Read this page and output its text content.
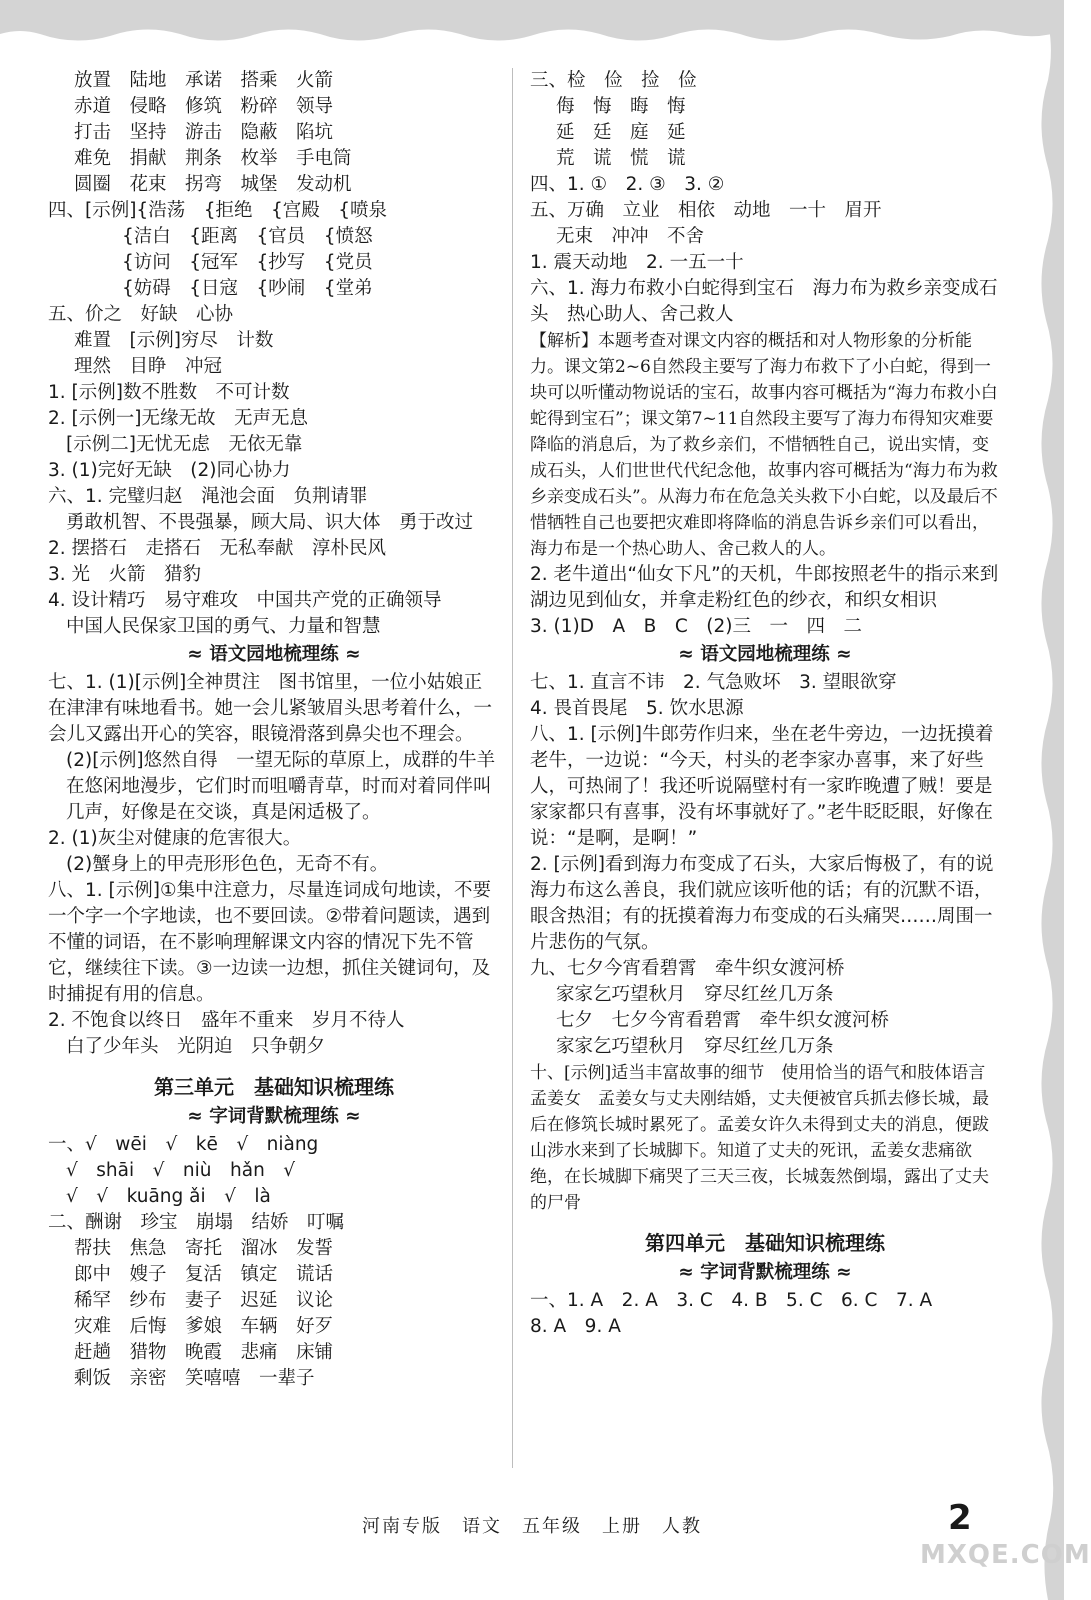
放置　陆地　承诺　搭乘　火箭
赤道　侵略　修筑　粉碎　领导
打击　坚持　游击　隐蔽　陷坑
难免　捐献　荆条　枚举　手电筒
圆圈　花束　拐弯　城堡　发动机
四、[示例]{浩荡　{拒绝　{宫殿　{喷泉
　　　　{洁白　{距离　{官员　{愤怒
　　　　{访问　{冠军　{抄写　{党员
　　　　{妨碍　{日寇　{吵闹　{堂弟
五、价之　好缺　心协
难置　[示例]穷尽　计数
理然　目睁　冲冠
1. [示例]数不胜数　不可计数
2. [示例一]无缘无故　无声无息
[示例二]无忧无虑　无依无靠
3. (1)完好无缺　(2)同心协力
六、1. 完璧归赵　渑池会面　负荆请罪
勇敢机智、不畏强暴，顾大局、识大体　勇于改过
2. 摆搭石　走搭石　无私奉献　淳朴民风
3. 光　火箭　猎豹
4. 设计精巧　易守难攻　中国共产党的正确领导
中国人民保家卫国的勇气、力量和智慧
≈ 语文园地梳理练 ≈
七、1. (1)[示例]全神贯注　图书馆里，一位小姑娘正在津津有味地看书。她一会儿紧皱眉头思考着什么，一会儿又露出开心的笑容，眼镜滑落到鼻尖也不理会。
(2)[示例]悠然自得　一望无际的草原上，成群的牛羊在悠闲地漫步，它们时而咀嚼青草，时而对着同伴叫几声，好像是在交谈，真是闲适极了。
2. (1)灰尘对健康的危害很大。
(2)蟹身上的甲壳形形色色，无奇不有。
八、1. [示例]①集中注意力，尽量连词成句地读，不要一个字一个字地读，也不要回读。②带着问题读，遇到不懂的词语，在不影响理解课文内容的情况下先不管它，继续往下读。③一边读一边想，抓住关键词句，及时捕捉有用的信息。
2. 不饱食以终日　盛年不重来　岁月不待人
白了少年头　光阴迫　只争朝夕
第三单元　基础知识梳理练
≈ 字词背默梳理练 ≈
一、√　wēi　√　kē　√　niàng
√　shāi　√　niù　hǎn　√
√　√　kuāng ǎi　√　là
二、酬谢　珍宝　崩塌　结娇　叮嘱
帮扶　焦急　寄托　溜冰　发誓
郎中　嫂子　复活　镇定　谎话
稀罕　纱布　妻子　迟延　议论
灾难　后悔　爹娘　车辆　好歹
赶趟　猎物　晚霞　悲痛　床铺
剩饭　亲密　笑嘻嘻　一辈子
三、检　俭　捡　俭
侮　悔　晦　悔
延　廷　庭　延
荒　谎　慌　谎
四、1. ①　2. ③　3. ②
五、万确　立业　相依　动地　一十　眉开
无束　冲冲　不舍
1. 震天动地　2. 一五一十
六、1. 海力布救小白蛇得到宝石　海力布为救乡亲变成石头　热心助人、舍己救人
【解析】本题考查对课文内容的概括和对人物形象的分析能力。课文第2~6自然段主要写了海力布救下了小白蛇，得到一块可以听懂动物说话的宝石，故事内容可概括为“海力布救小白蛇得到宝石”；课文第7~11自然段主要写了海力布得知灾难要降临的消息后，为了救乡亲们，不惜牺牲自己，说出实情，变成石头，人们世世代代纪念他，故事内容可概括为“海力布为救乡亲变成石头”。从海力布在危急关头救下小白蛇，以及最后不惜牺牲自己也要把灾难即将降临的消息告诉乡亲们可以看出，海力布是一个热心助人、舍己救人的人。
2. 老牛道出“仙女下凡”的天机，牛郎按照老牛的指示来到湖边见到仙女，并拿走粉红色的纱衣，和织女相识
3. (1)D　A　B　C　(2)三　一　四　二
≈ 语文园地梳理练 ≈
七、1. 直言不讳　2. 气急败坏　3. 望眼欲穿
4. 畏首畏尾　5. 饮水思源
八、1. [示例]牛郎劳作归来，坐在老牛旁边，一边抚摸着老牛，一边说：“今天，村头的老李家办喜事，来了好些人，可热闹了！我还听说隔壁村有一家昨晚遭了贼！要是家家都只有喜事，没有坏事就好了。”老牛眨眨眼，好像在说：“是啊，是啊！”
2. [示例]看到海力布变成了石头，大家后悔极了，有的说海力布这么善良，我们就应该听他的话；有的沉默不语，眼含热泪；有的抚摸着海力布变成的石头痛哭……周围一片悲伤的气氛。
九、七夕今宵看碧霄　牵牛织女渡河桥
家家乞巧望秋月　穿尽红丝几万条
七夕　七夕今宵看碧霄　牵牛织女渡河桥
家家乞巧望秋月　穿尽红丝几万条
十、[示例]适当丰富故事的细节　使用恰当的语气和肢体语言　孟姜女　孟姜女与丈夫刚结婚，丈夫便被官兵抓去修长城，最后在修筑长城时累死了。孟姜女许久未得到丈夫的消息，便跋山涉水来到了长城脚下。知道了丈夫的死讯，孟姜女悲痛欲绝，在长城脚下痛哭了三天三夜，长城轰然倒塌，露出了丈夫的尸骨
第四单元　基础知识梳理练
≈ 字词背默梳理练 ≈
一、1. A　2. A　3. C　4. B　5. C　6. C　7. A
8. A　9. A
河南专版　语文　五年级　上册　人教	2
MXQE.COM
